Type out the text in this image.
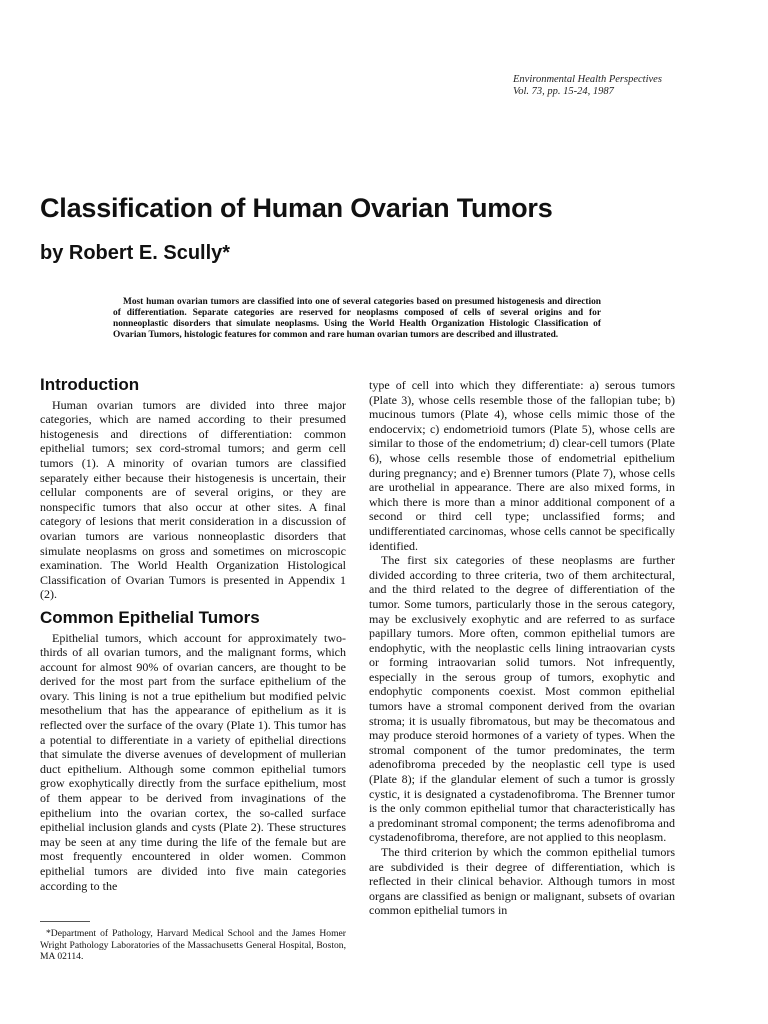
Environmental Health Perspectives
Vol. 73, pp. 15-24, 1987
Classification of Human Ovarian Tumors

by Robert E. Scully*

Most human ovarian tumors are classified into one of several categories based on presumed histogenesis and direction of differentiation. Separate categories are reserved for neoplasms composed of cells of several origins and for nonneoplastic disorders that simulate neoplasms. Using the World Health Organization Histologic Classification of Ovarian Tumors, histologic features for common and rare human ovarian tumors are described and illustrated.

Introduction

Human ovarian tumors are divided into three major categories, which are named according to their presumed histogenesis and directions of differentiation: common epithelial tumors; sex cord-stromal tumors; and germ cell tumors (1). A minority of ovarian tumors are classified separately either because their histogenesis is uncertain, their cellular components are of several origins, or they are nonspecific tumors that also occur at other sites. A final category of lesions that merit consideration in a discussion of ovarian tumors are various nonneoplastic disorders that simulate neoplasms on gross and sometimes on microscopic examination. The World Health Organization Histological Classification of Ovarian Tumors is presented in Appendix 1 (2).

Common Epithelial Tumors

Epithelial tumors, which account for approximately two-thirds of all ovarian tumors, and the malignant forms, which account for almost 90% of ovarian cancers, are thought to be derived for the most part from the surface epithelium of the ovary. This lining is not a true epithelium but modified pelvic mesothelium that has the appearance of epithelium as it is reflected over the surface of the ovary (Plate 1). This tumor has a potential to differentiate in a variety of epithelial directions that simulate the diverse avenues of development of mullerian duct epithelium. Although some common epithelial tumors grow exophytically directly from the surface epithelium, most of them appear to be derived from invaginations of the epithelium into the ovarian cortex, the so-called surface epithelial inclusion glands and cysts (Plate 2). These structures may be seen at any time during the life of the female but are most frequently encountered in older women. Common epithelial tumors are divided into five main categories according to the

type of cell into which they differentiate: a) serous tumors (Plate 3), whose cells resemble those of the fallopian tube; b) mucinous tumors (Plate 4), whose cells mimic those of the endocervix; c) endometrioid tumors (Plate 5), whose cells are similar to those of the endometrium; d) clear-cell tumors (Plate 6), whose cells resemble those of endometrial epithelium during pregnancy; and e) Brenner tumors (Plate 7), whose cells are urothelial in appearance. There are also mixed forms, in which there is more than a minor additional component of a second or third cell type; unclassified forms; and undifferentiated carcinomas, whose cells cannot be specifically identified.

The first six categories of these neoplasms are further divided according to three criteria, two of them architectural, and the third related to the degree of differentiation of the tumor. Some tumors, particularly those in the serous category, may be exclusively exophytic and are referred to as surface papillary tumors. More often, common epithelial tumors are endophytic, with the neoplastic cells lining intraovarian cysts or forming intraovarian solid tumors. Not infrequently, especially in the serous group of tumors, exophytic and endophytic components coexist. Most common epithelial tumors have a stromal component derived from the ovarian stroma; it is usually fibromatous, but may be thecomatous and may produce steroid hormones of a variety of types. When the stromal component of the tumor predominates, the term adenofibroma preceded by the neoplastic cell type is used (Plate 8); if the glandular element of such a tumor is grossly cystic, it is designated a cystadenofibroma. The Brenner tumor is the only common epithelial tumor that characteristically has a predominant stromal component; the terms adenofibroma and cystadenofibroma, therefore, are not applied to this neoplasm.

The third criterion by which the common epithelial tumors are subdivided is their degree of differentiation, which is reflected in their clinical behavior. Although tumors in most organs are classified as benign or malignant, subsets of ovarian common epithelial tumors in

*Department of Pathology, Harvard Medical School and the James Homer Wright Pathology Laboratories of the Massachusetts General Hospital, Boston, MA 02114.
